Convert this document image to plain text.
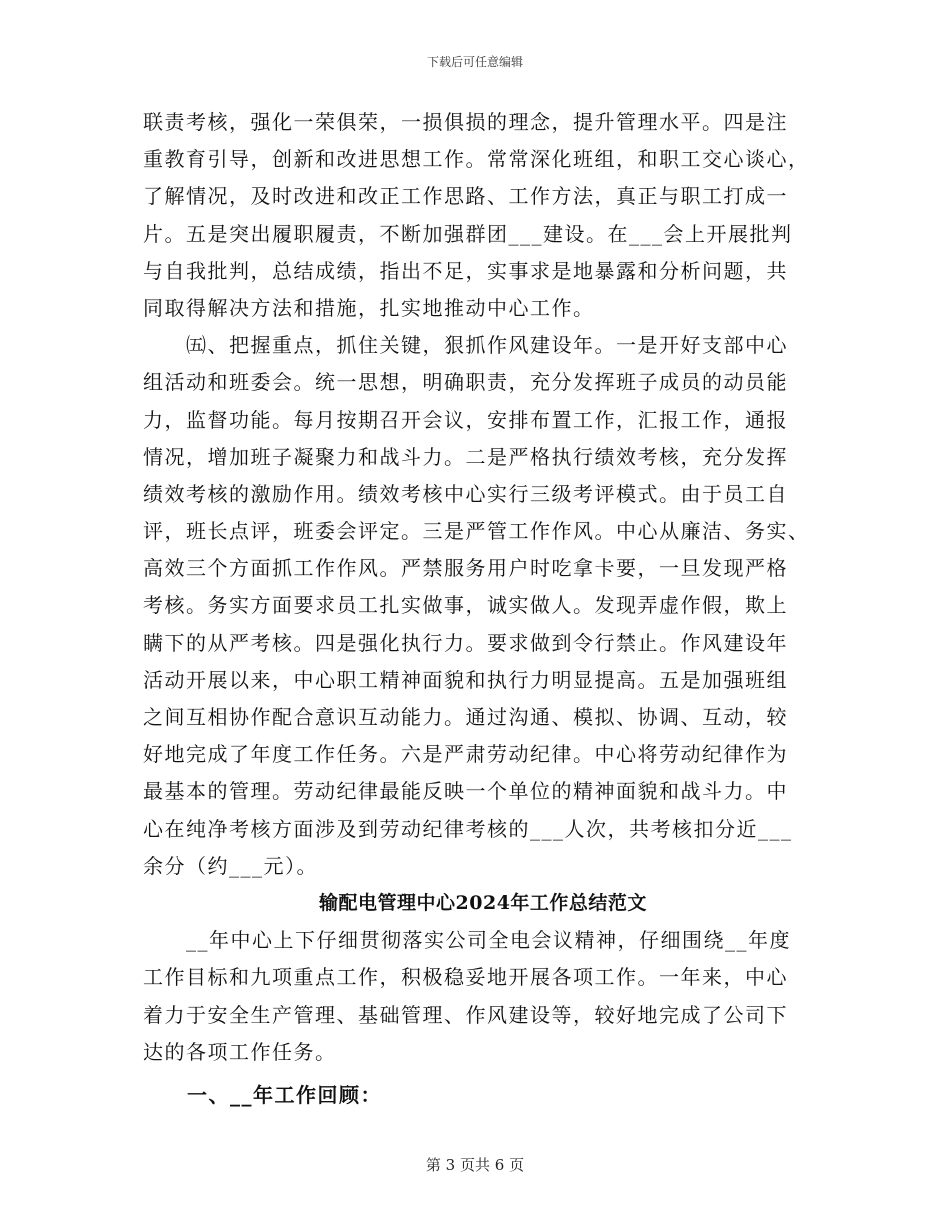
下载后可任意编辑
联责考核，强化一荣俱荣，一损俱损的理念，提升管理水平。四是注
重教育引导，创新和改进思想工作。常常深化班组，和职工交心谈心，
了解情况，及时改进和改正工作思路、工作方法，真正与职工打成一
片。五是突出履职履责，不断加强群团___建设。在___会上开展批判
与自我批判，总结成绩，指出不足，实事求是地暴露和分析问题，共
同取得解决方法和措施，扎实地推动中心工作。
　　㈤、把握重点，抓住关键，狠抓作风建设年。一是开好支部中心
组活动和班委会。统一思想，明确职责，充分发挥班子成员的动员能
力，监督功能。每月按期召开会议，安排布置工作，汇报工作，通报
情况，增加班子凝聚力和战斗力。二是严格执行绩效考核，充分发挥
绩效考核的激励作用。绩效考核中心实行三级考评模式。由于员工自
评，班长点评，班委会评定。三是严管工作作风。中心从廉洁、务实、
高效三个方面抓工作作风。严禁服务用户时吃拿卡要，一旦发现严格
考核。务实方面要求员工扎实做事，诚实做人。发现弄虚作假，欺上
瞒下的从严考核。四是强化执行力。要求做到令行禁止。作风建设年
活动开展以来，中心职工精神面貌和执行力明显提高。五是加强班组
之间互相协作配合意识互动能力。通过沟通、模拟、协调、互动，较
好地完成了年度工作任务。六是严肃劳动纪律。中心将劳动纪律作为
最基本的管理。劳动纪律最能反映一个单位的精神面貌和战斗力。中
心在纯净考核方面涉及到劳动纪律考核的___人次，共考核扣分近___
余分（约___元）。
输配电管理中心2024年工作总结范文
　　__年中心上下仔细贯彻落实公司全电会议精神，仔细围绕__年度
工作目标和九项重点工作，积极稳妥地开展各项工作。一年来，中心
着力于安全生产管理、基础管理、作风建设等，较好地完成了公司下
达的各项工作任务。
一、__年工作回顾：
第 3 页共 6 页
